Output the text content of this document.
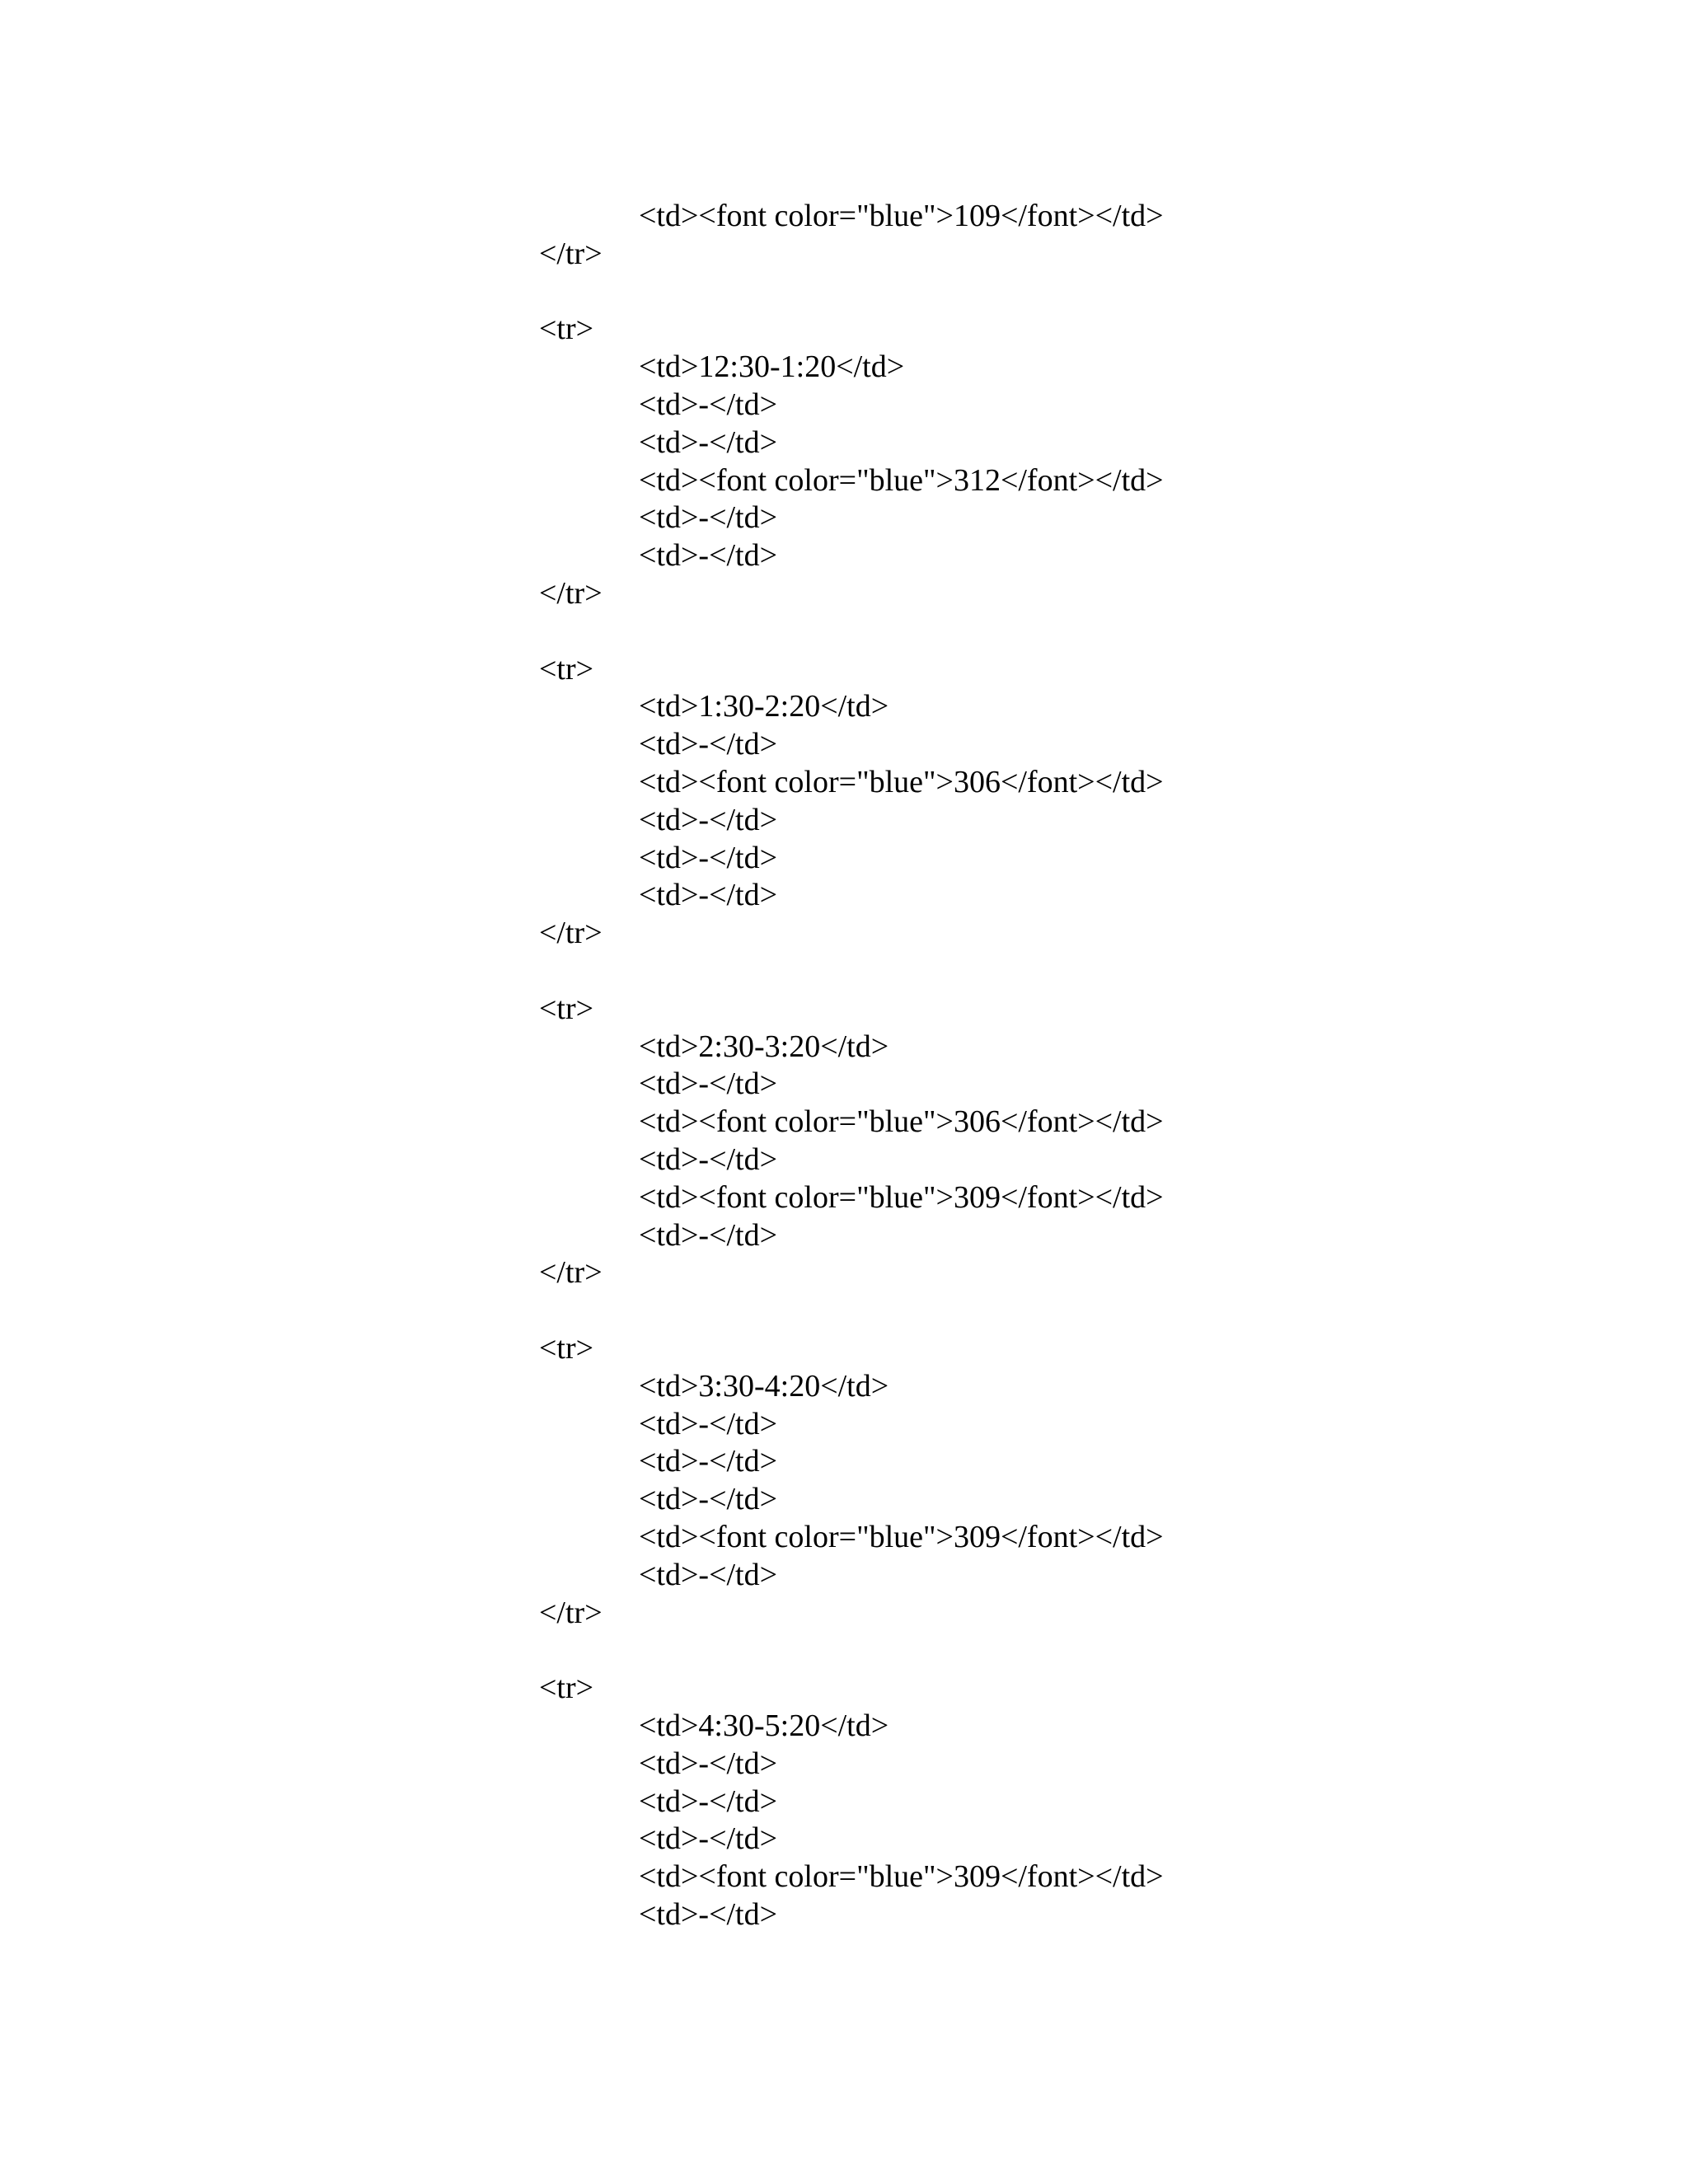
<td><font color="blue">109</font></td>
</tr>
<tr>
<td>12:30-1:20</td>
<td>-</td>
<td>-</td>
<td><font color="blue">312</font></td>
<td>-</td>
<td>-</td>
</tr>
<tr>
<td>1:30-2:20</td>
<td>-</td>
<td><font color="blue">306</font></td>
<td>-</td>
<td>-</td>
<td>-</td>
</tr>
<tr>
<td>2:30-3:20</td>
<td>-</td>
<td><font color="blue">306</font></td>
<td>-</td>
<td><font color="blue">309</font></td>
<td>-</td>
</tr>
<tr>
<td>3:30-4:20</td>
<td>-</td>
<td>-</td>
<td>-</td>
<td><font color="blue">309</font></td>
<td>-</td>
</tr>
<tr>
<td>4:30-5:20</td>
<td>-</td>
<td>-</td>
<td>-</td>
<td><font color="blue">309</font></td>
<td>-</td>
